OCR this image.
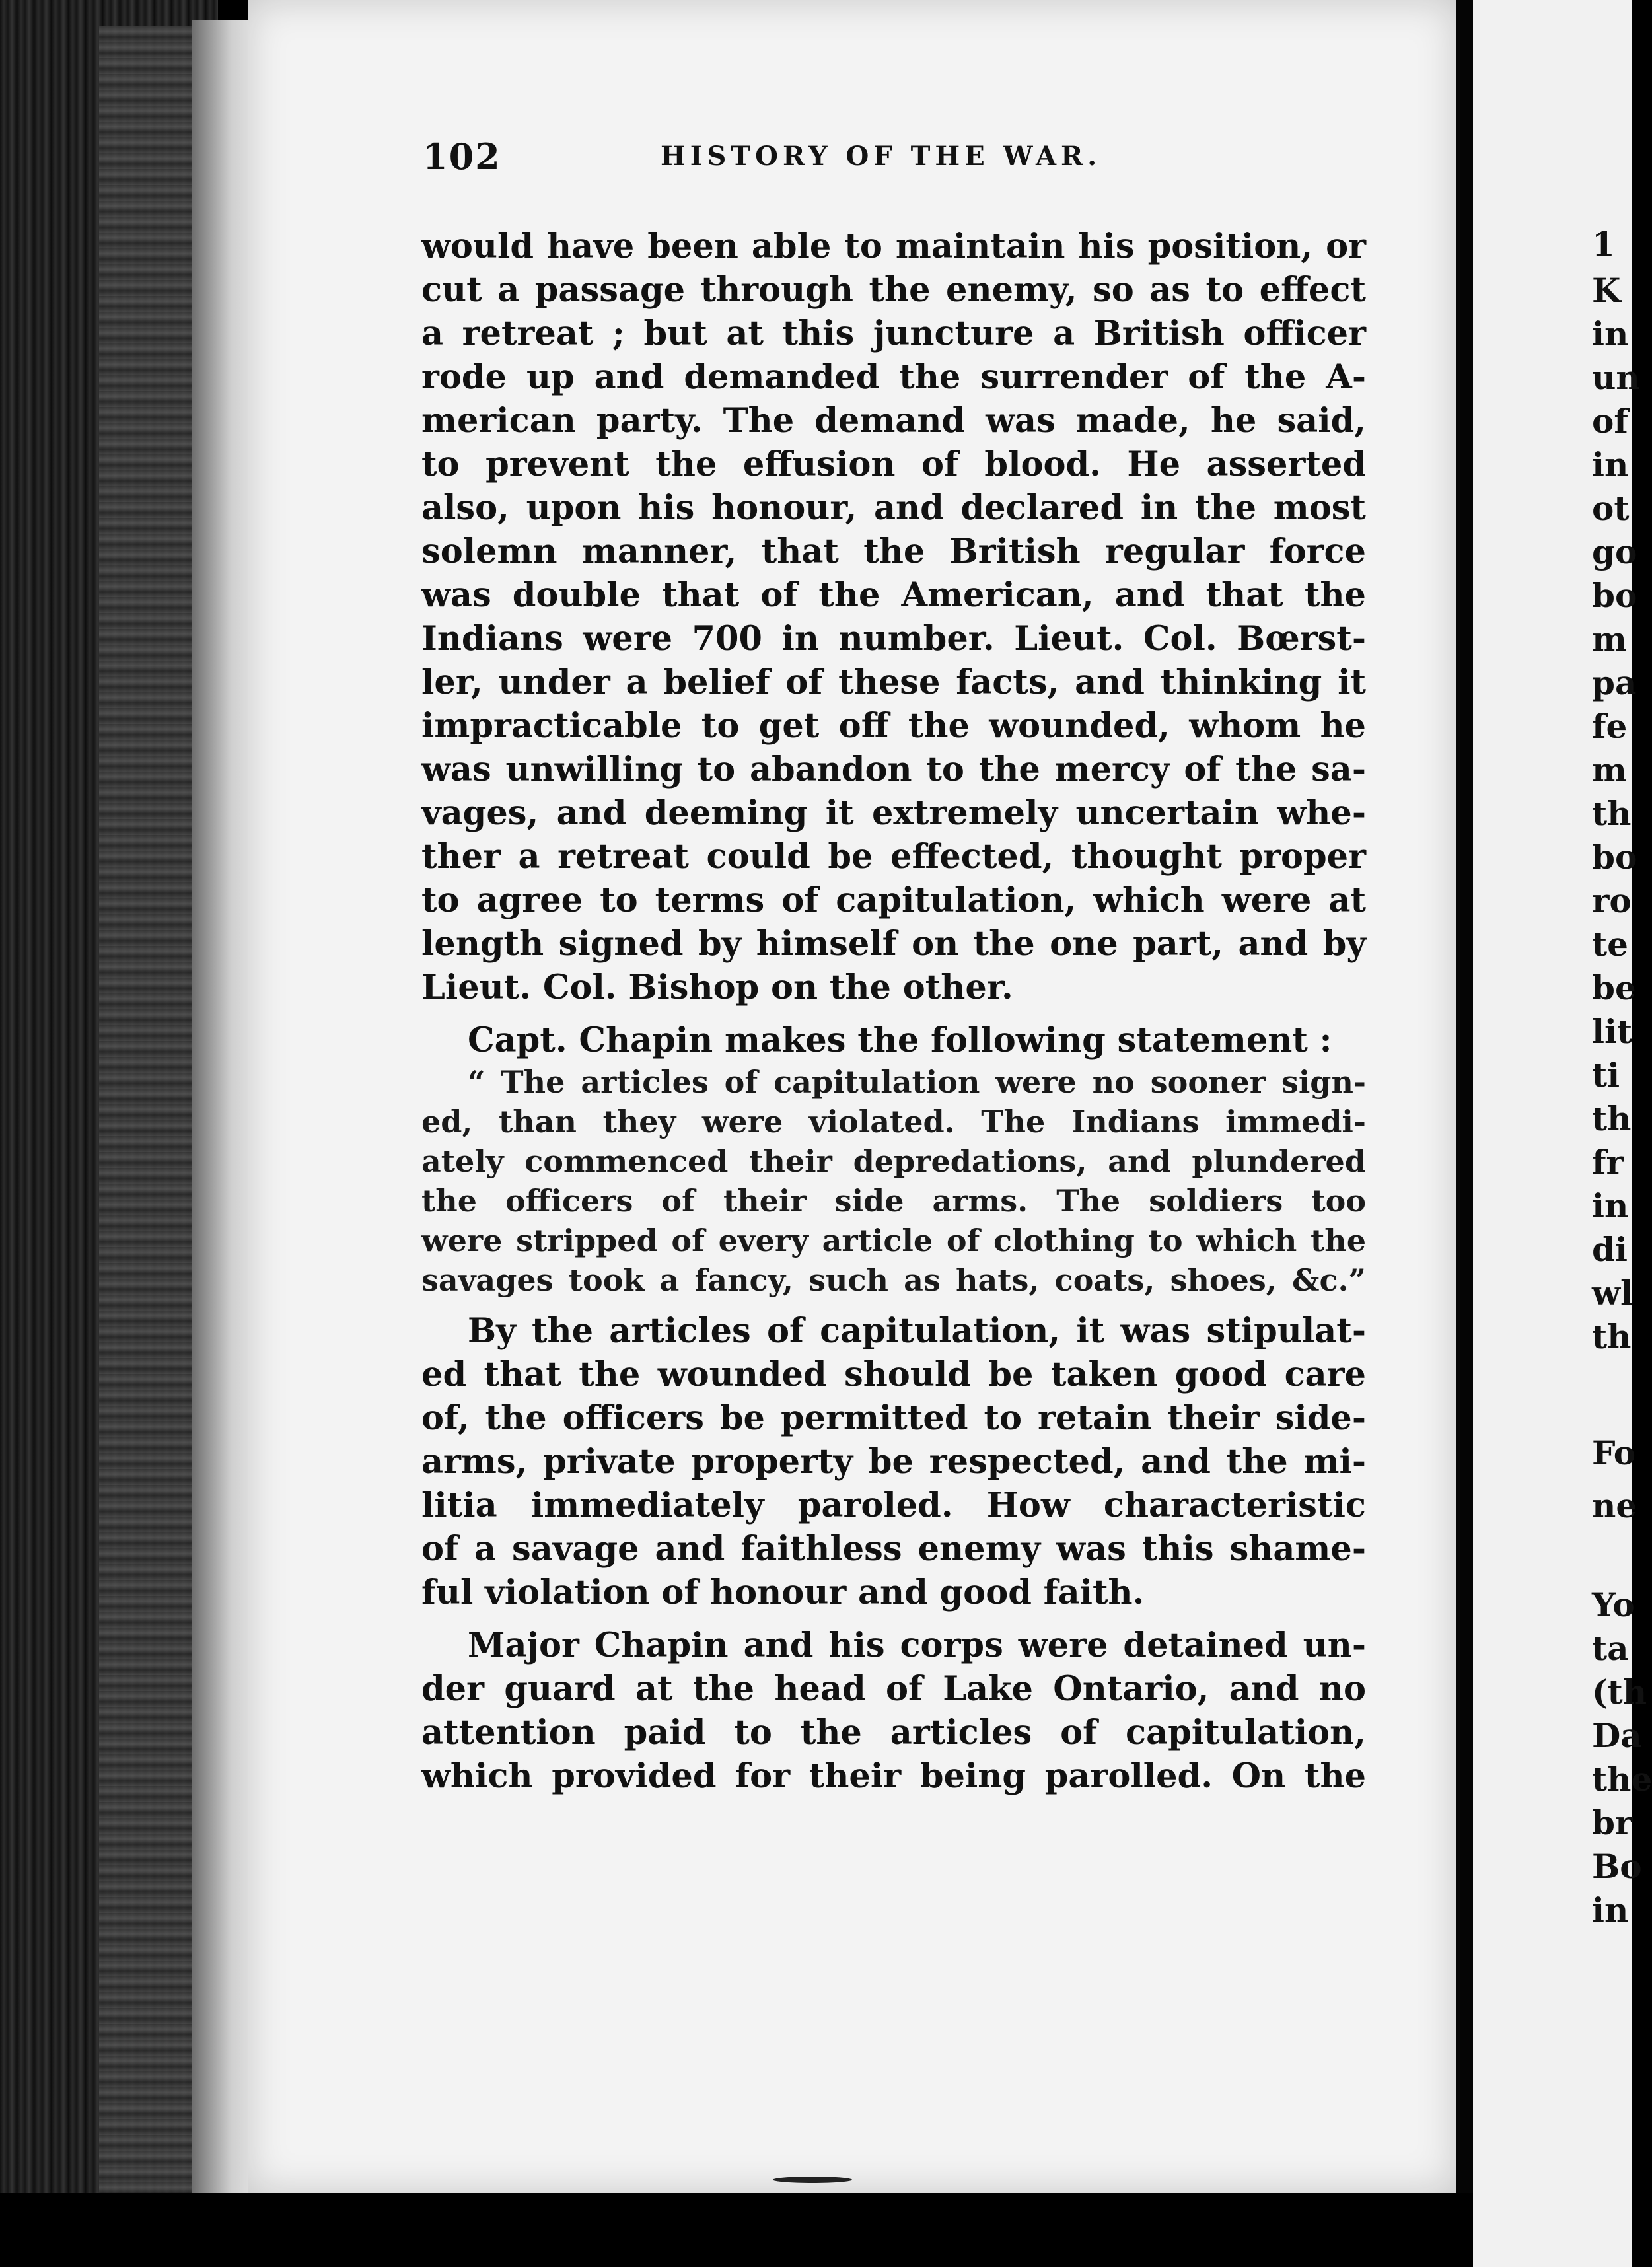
102	HISTORY OF THE WAR.
would have been able to maintain his position, or
cut a passage through the enemy, so as to effect
a retreat ; but at this juncture a British officer
rode up and demanded the surrender of the A-
merican party. The demand was made, he said,
to prevent the effusion of blood. He asserted
also, upon his honour, and declared in the most
solemn manner, that the British regular force
was double that of the American, and that the
Indians were 700 in number. Lieut. Col. Bœrst-
ler, under a belief of these facts, and thinking it
impracticable to get off the wounded, whom he
was unwilling to abandon to the mercy of the sa-
vages, and deeming it extremely uncertain whe-
ther a retreat could be effected, thought proper
to agree to terms of capitulation, which were at
length signed by himself on the one part, and by
Lieut. Col. Bishop on the other.
Capt. Chapin makes the following statement :
“ The articles of capitulation were no sooner sign-
ed, than they were violated. The Indians immedi-
ately commenced their depredations, and plundered
the officers of their side arms. The soldiers too
were stripped of every article of clothing to which the
savages took a fancy, such as hats, coats, shoes, &c.”
By the articles of capitulation, it was stipulat-
ed that the wounded should be taken good care
of, the officers be permitted to retain their side-
arms, private property be respected, and the mi-
litia immediately paroled. How characteristic
of a savage and faithless enemy was this shame-
ful violation of honour and good faith.
Major Chapin and his corps were detained un-
der guard at the head of Lake Ontario, and no
attention paid to the articles of capitulation,
which provided for their being parolled. On the
1
K
in
un
of
in
ot
go
bo
m
pa
fe
m
th
bo
ro
te
be
lit
ti
th
fr
in
di
wl
th
Fo
ne
Yo
ta
(th
Da
the
br
Bo
in
